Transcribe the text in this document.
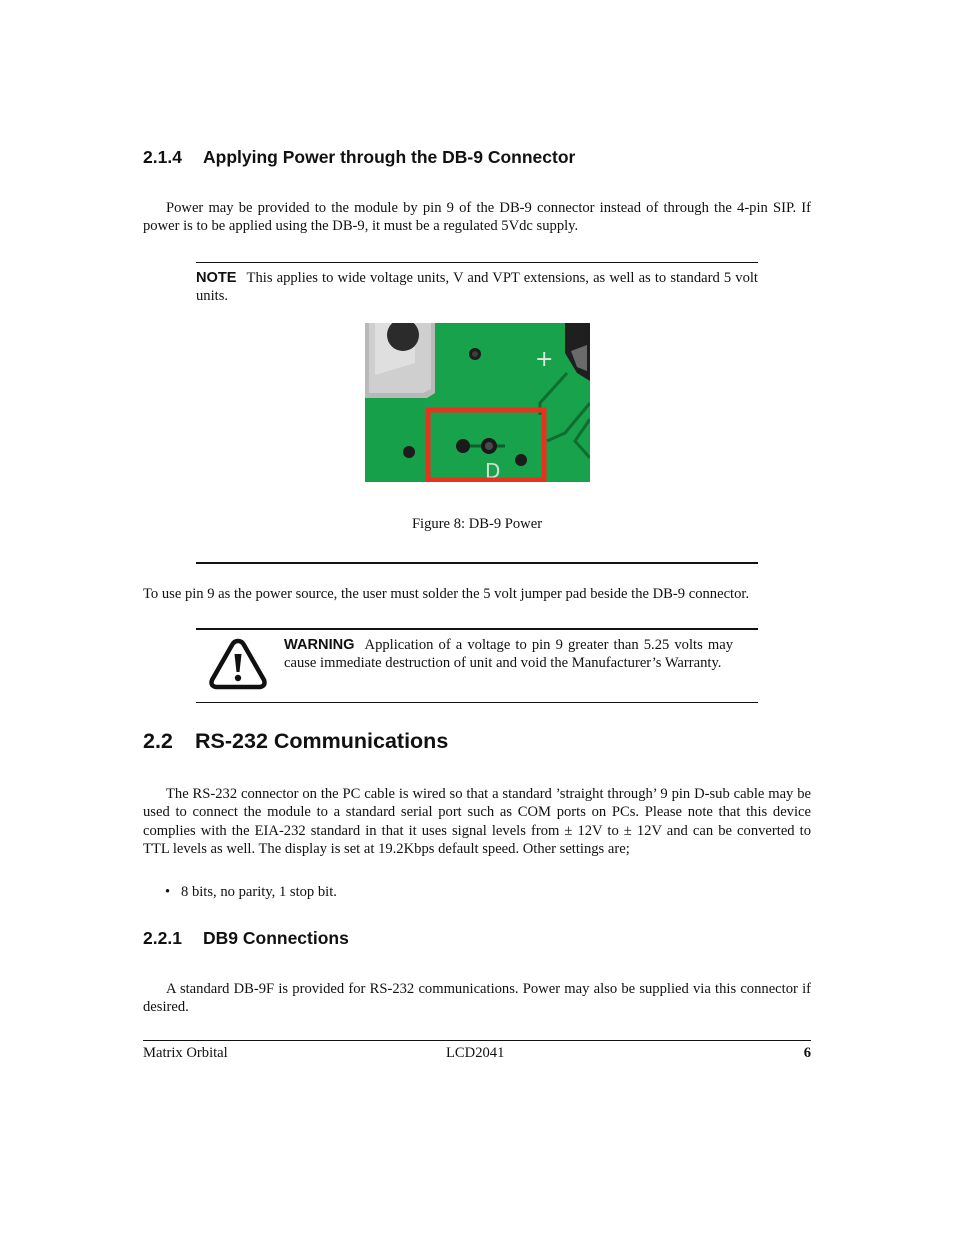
2.1.4 Applying Power through the DB-9 Connector
Power may be provided to the module by pin 9 of the DB-9 connector instead of through the 4-pin SIP. If power is to be applied using the DB-9, it must be a regulated 5Vdc supply.
NOTE This applies to wide voltage units, V and VPT extensions, as well as to standard 5 volt units.
+
D
Figure 8: DB-9 Power
To use pin 9 as the power source, the user must solder the 5 volt jumper pad beside the DB-9 connector.
WARNING Application of a voltage to pin 9 greater than 5.25 volts may cause immediate destruction of unit and void the Manufacturer’s Warranty.
2.2 RS-232 Communications
The RS-232 connector on the PC cable is wired so that a standard ’straight through’ 9 pin D-sub cable may be used to connect the module to a standard serial port such as COM ports on PCs. Please note that this device complies with the EIA-232 standard in that it uses signal levels from ± 12V to ± 12V and can be converted to TTL levels as well. The display is set at 19.2Kbps default speed. Other settings are;
• 8 bits, no parity, 1 stop bit.
2.2.1 DB9 Connections
A standard DB-9F is provided for RS-232 communications. Power may also be supplied via this connector if desired.
Matrix Orbital	LCD2041	6
